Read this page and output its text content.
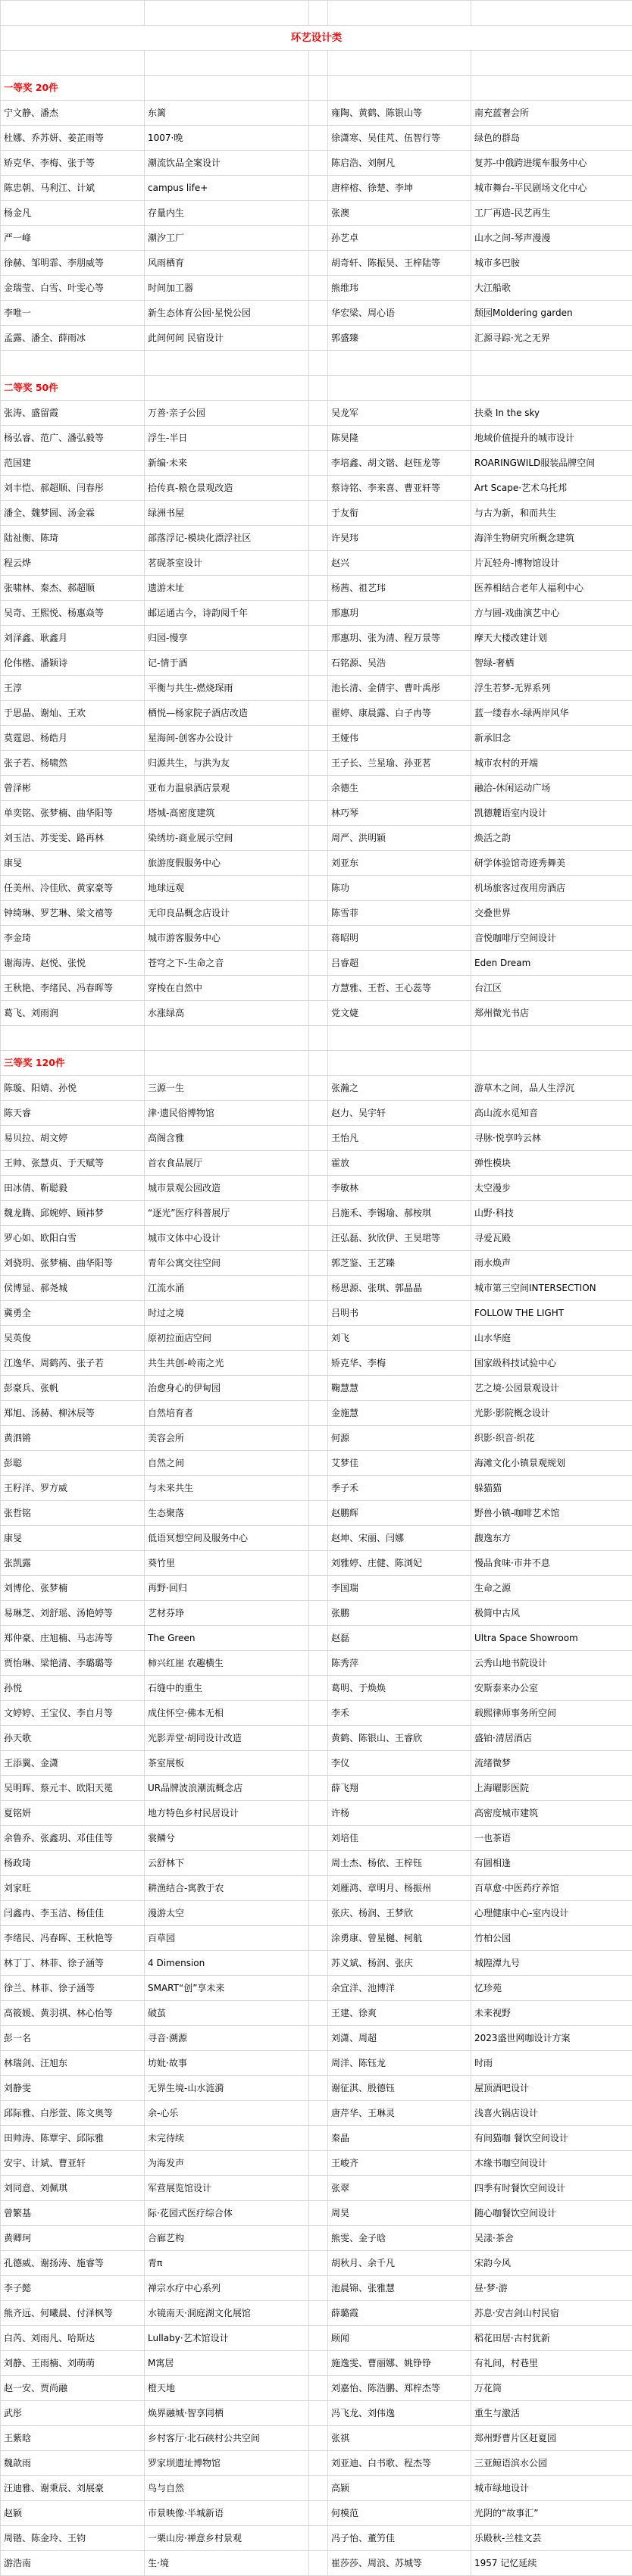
环艺设计类
一等奖 20件
宁文静、潘杰	东篱	雍陶、黄鹤、陈银山等	南充蓝奢会所
杜娜、乔苏妍、姜芷雨等	1007·晚	徐潇寒、吴佳芃、伍智行等	绿色的群岛
矫克华、李梅、张于等	潮流饮品全案设计	陈启浩、刘舸凡	复苏-中俄跨进缆车服务中心
陈忠朝、马利江、计斌	campus life+	唐梓榕、徐楚、李坤	城市舞台-平民剧场文化中心
杨金凡	存量内生	张澳	工厂再造-民艺再生
严一峰	潮汐工厂	孙艺卓	山水之间-琴声漫漫
徐赫、邹明霏、李朋威等	风雨栖育	胡奇轩、陈振昊、王梓陆等	城市多巴胺
金瑞莹、白雪、叶雯心等	时间加工器	熊维玮	大江船歌
李唯一	新生态体育公园·星悦公园	华宏梁、周心语	颓园Moldering garden
孟露、潘全、薛雨冰	此间何间 民宿设计	郭盛臻	汇源寻踪·光之无界
二等奖 50件
张涛、盛留霞	万善·亲子公园	吴龙军	扶桑 In the sky
杨弘睿、范广、潘弘毅等	浮生-半日	陈昊隆	地域价值提升的城市设计
范国建	新编·未来	李培鑫、胡文锴、赵钰龙等	ROARINGWILD服装品牌空间
刘丰恺、郝超顺、闫春彤	拾传真-粮仓景观改造	蔡诗铭、李来喜、曹亚轩等	Art Scape·艺术乌托邦
潘全、魏梦圆、汤金霖	绿洲书屋	于友衔	与古为新，和而共生
陆祉衡、陈琦	部落浮记-模块化漂浮社区	许昊玮	海洋生物研究所概念建筑
程云烨	茗砚茶室设计	赵兴	片瓦轻舟-博物馆设计
张啸林、秦杰、郝超顺	遗游未址	杨茜、祖艺玮	医养相结合老年人福利中心
吴奇、王熙悦、杨惠焱等	邮运通古今，诗韵阅千年	邢惠玥	方与圆-戏曲演艺中心
刘泽鑫、耿鑫月	归园-慢享	邢惠玥、张为清、程万景等	摩天大楼改建计划
伦伟楷、潘颖诗	记-情于酒	石铭源、吴浩	智绿-奢栖
王淳	平衡与共生-燃烧琛雨	池长清、金倩宇、曹叶禹彤	浮生若梦-无界系列
于思晶、谢灿、王欢	栖悦—杨家院子酒店改造	翟婷、康晨露、白子冉等	蓝一缕春水-绿两岸风华
莫霆恩、杨皓月	星海间-创客办公设计	王娅伟	新承旧念
张子若、杨啸然	归源共生，与洪为友	王子长、兰星瑜、孙亚茗	城市农村的开端
曾泽彬	亚布力温泉酒店景观	余德生	融洽-休闲运动广场
单奕铭、张梦楠、曲华阳等	塔城-高密度建筑	林巧琴	凯德麓语室内设计
刘玉洁、苏雯雯、路再林	染绣坊-商业展示空间	周严、洪明颖	焕活之韵
康旻	旅游度假服务中心	刘亚东	研学体验馆奇迹秀舞美
任美州、冷佳欣、黄家豪等	地球远观	陈功	机场旅客过夜用房酒店
钟绮琳、罗艺琳、梁文禧等	无印良品概念店设计	陈雪菲	交叠世界
李金琦	城市游客服务中心	蒋昭明	音悦咖啡厅空间设计
谢海涛、赵悦、张悦	苍穹之下-生命之音	吕睿超	Eden Dream
王秋艳、李绪民、冯春晖等	穿梭在自然中	方慧雅、王哲、王心蕊等	台江区
葛飞、刘雨润	水涨绿高	党文婕	郑州微光书店
三等奖 120件
陈璇、阳婧、孙悦	三源一生	张瀚之	游草木之间，品人生浮沉
陈天睿	津·遗民俗博物馆	赵力、吴宇轩	高山流水觅知音
易贝拉、胡文婷	高阁含雅	王怡凡	寻脉·悦享吟云林
王帅、张慧贞、于天赋等	首农食品展厅	霍放	弹性模块
田冰倩、靳聪毅	城市景观公园改造	李敏林	太空漫步
魏龙腾、邱婉婷、顾祎梦	“逐光”医疗科普展厅	吕施禾、李锡瑜、郝桉琪	山野·科技
罗心如、欧阳白雪	城市文体中心设计	汪弘磊、狄欣伊、王昊珺等	寻爱瓦殿
刘骁玥、张梦楠、曲华阳等	青年公寓交往空间	郭芝鉴、王艺臻	雨水焕声
侯博显、郝尧城	江流水涌	杨思源、张琪、郭晶晶	城市第三空间INTERSECTION
冀勇全	时过之境	吕明书	FOLLOW THE LIGHT
吴英俊	原初拉面店空间	刘飞	山水华庭
江逸华、周鹤芮、张子若	共生共创-岭南之光	矫克华、李梅	国家级科技试验中心
彭豪兵、张帆	治愈身心的伊甸园	鞠慧慧	艺之境·公园景观设计
郑旭、汤赫、柳沐辰等	自然培育者	金施慧	光影·影院概念设计
黄泗锵	美容会所	何源	织影·织音·织花
彭聪	自然之间	艾梦佳	海滩文化小镇景观规划
王籽洋、罗方威	与未来共生	季子禾	躲猫猫
张哲铭	生态聚落	赵鹏辉	野兽小镇-咖啡艺术馆
康旻	低语冥想空间及服务中心	赵坤、宋丽、闫娜	馥逸东方
张凯露	葵竹里	刘雅婷、庄健、陈浏妃	慢品食味·市井不息
刘博伦、张梦楠	再野·回归	李国瑞	生命之源
易琳芝、刘舒瑶、汤艳婷等	艺材芬琤	张鹏	极简中古风
郑仲豪、庄旭楠、马志涛等	The Green	赵磊	Ultra Space Showroom
贾怡琳、梁艳清、李璐璐等	柿兴红崖 农趣横生	陈秀萍	云秀山地书院设计
孙悦	石缝中的重生	葛明、于焕焕	安斯泰来办公室
文婷婷、王宝仪、李自月等	成住怀空·佛本无相	李禾	载熙律师事务所空间
孙天歌	光影弄堂·胡同设计改造	黄鹤、陈银山、王睿欣	盛铂·清居酒店
王添翼、金潇	茶室展板	李仪	流绪微梦
吴明晖、蔡元丰、欧阳天冕	UR品牌波浪潮流概念店	薛飞翔	上海曜影医院
夏铭妍	地方特色乡村民居设计	许杨	高密度城市建筑
余鲁乔、张鑫玥、邓佳佳等	裳鳞兮	刘培佳	一也茶语
杨政琦	云舒林下	周士杰、杨依、王梓钰	有圆相逢
刘家旺	耕渔结合-寓教于农	刘雁鸿、章明月、杨振州	百草愈·中医药疗养馆
闫鑫冉、李玉洁、杨佳佳	漫游太空	张庆、杨润、王梦欣	心理健康中心-室内设计
李绪民、冯春晖、王秋艳等	百草园	涂勇康、曾星樾、柯航	竹柏公园
林丁丁、林菲、徐子涵等	4 Dimension	苏义斌、杨润、张庆	城隍潭九号
徐兰、林菲、徐子涵等	SMART“创”享未来	余宜洋、池博洋	忆珍苑
高筱媛、黄羽祺、林心怡等	破茧	王建、徐爽	未来视野
彭一名	寻音·溯源	刘潇、周超	2023盛世网咖设计方案
林瑞剑、汪旭东	坊妣·故事	周洋、陈钰龙	时雨
刘静雯	无界生境-山水涟漪	谢征淇、殷德钰	屋顶酒吧设计
邱际雅、白彤萱、陈文奥等	余-心乐	唐芹华、王琳灵	浅喜火锅店设计
田帅涛、陈覃宇、邱际雅	未完待续	秦晶	有间猫咖 餐饮空间设计
安宇、计斌、曹亚轩	为海发声	王峻齐	木缘书咖空间设计
刘同意、刘佩琪	军营展览馆设计	张翠	四季有时餐饮空间设计
曾繁基	际·花园式医疗综合体	周昊	随心咖餐饮空间设计
黄卿珂	合廊艺构	熊雯、金子晗	吴漾·茶舍
孔德威、谢扬涛、施睿等	青π	胡秋月、余千凡	宋韵今风
李子懿	禅宗水疗中心系列	池晨锦、张雅慧	昼·梦·游
熊齐远、何曦晨、付泽枫等	水镜南天·洞庭湖文化展馆	薛璐霞	苏息·安吉剑山村民宿
白芮、刘雨凡、哈斯达	Lullaby·艺术馆设计	顾闻	稻花田居·古村犹新
刘静、王雨楠、刘萌萌	M寓居	施逸雯、曹丽娜、姚铮铮	有礼间，村巷里
赵一安、贾尚融	橙天地	刘嘉怡、陈浩鹏、郑梓杰等	万花筒
武彤	焕界融城·智享同栖	冯飞龙、刘伟逸	重生与激活
王紫晗	乡村客厅·北石硖村公共空间	张祺	郑州野曹片区赶夏园
魏歆雨	罗家坝遗址博物馆	刘亚迪、白书歌、程杰等	三亚鲸语滨水公园
汪迪雅、谢秉辰、刘展豪	鸟与自然	高颖	城市绿地设计
赵颖	市景映像·半城新语	何模范	光阴的“故事汇”
周锴、陈金玲、王钧	一栗山房·禅意乡村景观	冯子怡、董竻佳	乐殿秋-兰桂文芸
游浩南	生·境	崔莎莎、周浪、苏城等	1957 记忆延续
